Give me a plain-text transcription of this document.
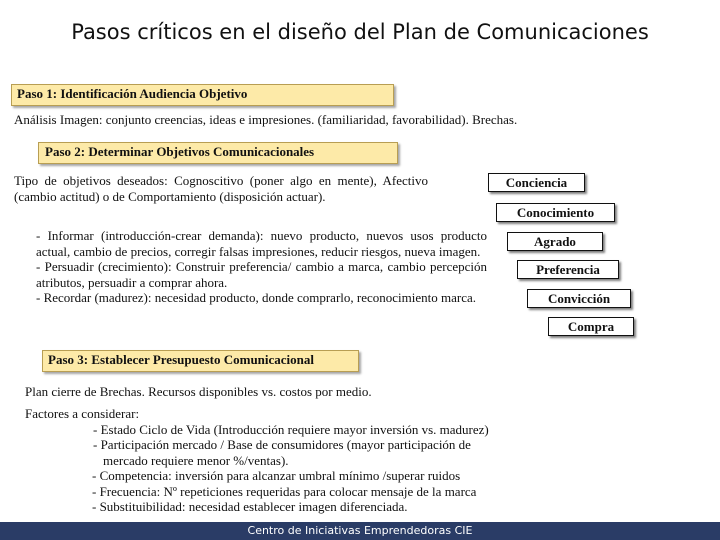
Pasos críticos en el diseño del Plan de Comunicaciones
Paso 1: Identificación Audiencia Objetivo
Análisis Imagen: conjunto creencias, ideas e impresiones. (familiaridad, favorabilidad). Brechas.
Paso 2: Determinar Objetivos Comunicacionales
Tipo de objetivos deseados: Cognoscitivo (poner algo en mente), Afectivo (cambio actitud) o de Comportamiento (disposición actuar).
- Informar (introducción-crear demanda): nuevo producto, nuevos usos producto actual, cambio de precios, corregir falsas impresiones, reducir riesgos, nueva imagen.
- Persuadir (crecimiento): Construir preferencia/ cambio a marca, cambio percepción atributos, persuadir a comprar ahora.
- Recordar (madurez): necesidad producto, donde comprarlo, reconocimiento marca.
Conciencia
Conocimiento
Agrado
Preferencia
Convicción
Compra
Paso 3: Establecer Presupuesto Comunicacional
Plan cierre de Brechas. Recursos disponibles vs. costos por medio.
Factores a considerar:
- Estado Ciclo de Vida (Introducción requiere mayor inversión vs. madurez)
- Participación mercado / Base de consumidores (mayor participación de
mercado requiere menor %/ventas).
- Competencia: inversión para alcanzar umbral mínimo /superar ruidos
- Frecuencia: Nº repeticiones requeridas para colocar mensaje de la marca
- Substituibilidad: necesidad establecer imagen diferenciada.
Centro de Iniciativas Emprendedoras CIE
